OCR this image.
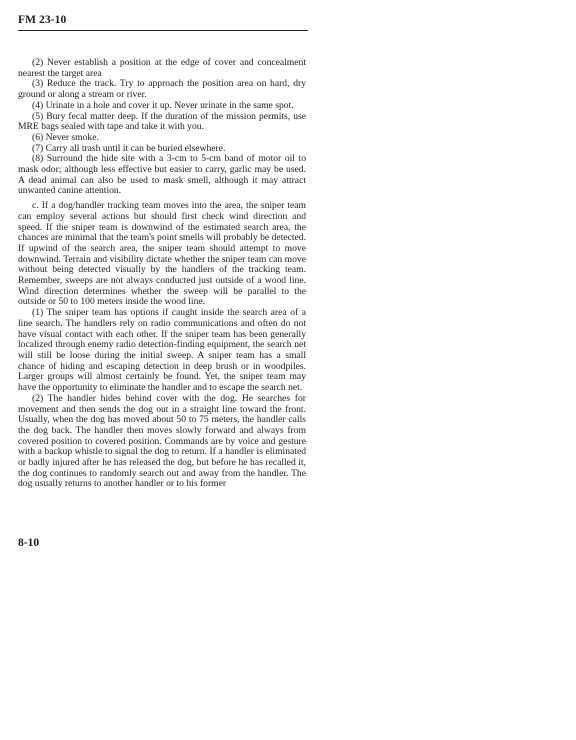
FM 23-10

(2) Never establish a position at the edge of cover and concealment nearest the target area

(3) Reduce the track. Try to approach the position area on hard, dry ground or along a stream or river.

(4) Urinate in a hole and cover it up. Never urinate in the same spot.

(5) Bury fecal matter deep. If the duration of the mission permits, use MRE bags sealed with tape and take it with you.

(6) Never smoke.

(7) Carry all trash until it can be buried elsewhere.

(8) Surround the hide site with a 3-cm to 5-cm band of motor oil to mask odor; although less effective but easier to carry, garlic may be used. A dead animal can also be used to mask smell, although it may attract unwanted canine attention.

c. If a dog/handler tracking team moves into the area, the sniper team can employ several actions but should first check wind direction and speed. If the sniper team is downwind of the estimated search area, the chances are minimal that the team's point smells will probably be detected. If upwind of the search area, the sniper team should attempt to move downwind. Terrain and visibility dictate whether the sniper team can move without being detected visually by the handlers of the tracking team. Remember, sweeps are not always conducted just outside of a wood line. Wind direction determines whether the sweep will be parallel to the outside or 50 to 100 meters inside the wood line.

(1) The sniper team has options if caught inside the search area of a line search. The handlers rely on radio communications and often do not have visual contact with each other. If the sniper team has been generally localized through enemy radio detection-finding equipment, the search net will still be loose during the initial sweep. A sniper team has a small chance of hiding and escaping detection in deep brush or in woodpiles. Larger groups will almost certainly be found. Yet, the sniper team may have the opportunity to eliminate the handler and to escape the search net.

(2) The handler hides behind cover with the dog. He searches for movement and then sends the dog out in a straight line toward the front. Usually, when the dog has moved about 50 to 75 meters, the handler calls the dog back. The handler then moves slowly forward and always from covered position to covered position. Commands are by voice and gesture with a backup whistle to signal the dog to return. If a handler is eliminated or badly injured after he has released the dog, but before he has recalled it, the dog continues to randomly search out and away from the handler. The dog usually returns to another handler or to his former

8-10
